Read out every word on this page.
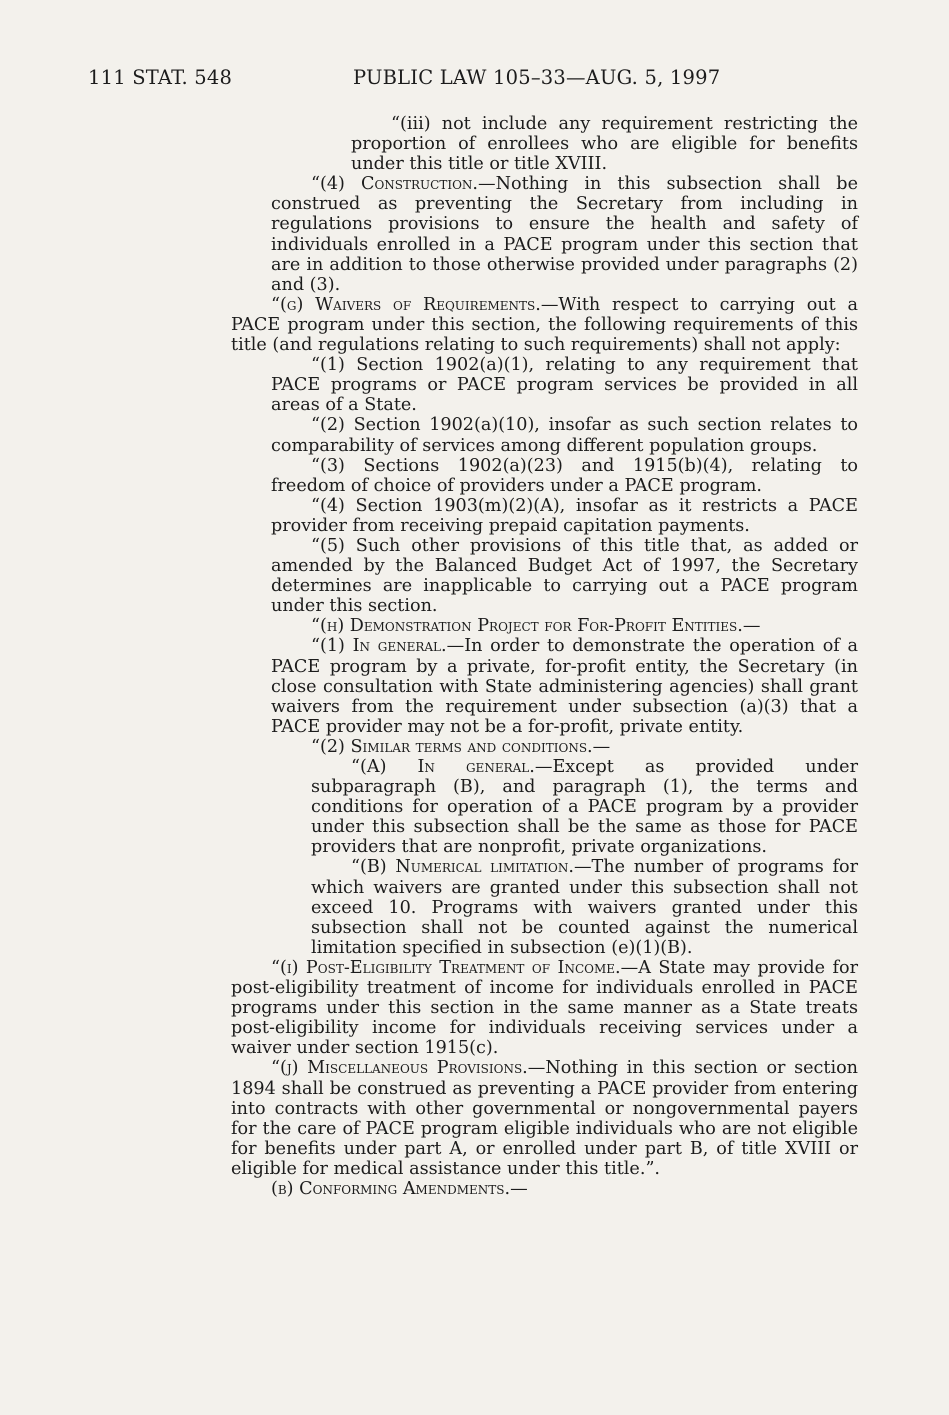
111 STAT. 548	PUBLIC LAW 105–33—AUG. 5, 1997

“(iii) not include any requirement restricting the proportion of enrollees who are eligible for benefits under this title or title XVIII.

“(4) Construction.—Nothing in this subsection shall be construed as preventing the Secretary from including in regulations provisions to ensure the health and safety of individuals enrolled in a PACE program under this section that are in addition to those otherwise provided under paragraphs (2) and (3).

“(g) Waivers of Requirements.—With respect to carrying out a PACE program under this section, the following requirements of this title (and regulations relating to such requirements) shall not apply:

“(1) Section 1902(a)(1), relating to any requirement that PACE programs or PACE program services be provided in all areas of a State.

“(2) Section 1902(a)(10), insofar as such section relates to comparability of services among different population groups.

“(3) Sections 1902(a)(23) and 1915(b)(4), relating to freedom of choice of providers under a PACE program.

“(4) Section 1903(m)(2)(A), insofar as it restricts a PACE provider from receiving prepaid capitation payments.

“(5) Such other provisions of this title that, as added or amended by the Balanced Budget Act of 1997, the Secretary determines are inapplicable to carrying out a PACE program under this section.

“(h) Demonstration Project for For-Profit Entities.—

“(1) In general.—In order to demonstrate the operation of a PACE program by a private, for-profit entity, the Secretary (in close consultation with State administering agencies) shall grant waivers from the requirement under subsection (a)(3) that a PACE provider may not be a for-profit, private entity.

“(2) Similar terms and conditions.—

“(A) In general.—Except as provided under subparagraph (B), and paragraph (1), the terms and conditions for operation of a PACE program by a provider under this subsection shall be the same as those for PACE providers that are nonprofit, private organizations.

“(B) Numerical limitation.—The number of programs for which waivers are granted under this subsection shall not exceed 10. Programs with waivers granted under this subsection shall not be counted against the numerical limitation specified in subsection (e)(1)(B).

“(i) Post-Eligibility Treatment of Income.—A State may provide for post-eligibility treatment of income for individuals enrolled in PACE programs under this section in the same manner as a State treats post-eligibility income for individuals receiving services under a waiver under section 1915(c).

“(j) Miscellaneous Provisions.—Nothing in this section or section 1894 shall be construed as preventing a PACE provider from entering into contracts with other governmental or nongovernmental payers for the care of PACE program eligible individuals who are not eligible for benefits under part A, or enrolled under part B, of title XVIII or eligible for medical assistance under this title.”.

(b) Conforming Amendments.—
